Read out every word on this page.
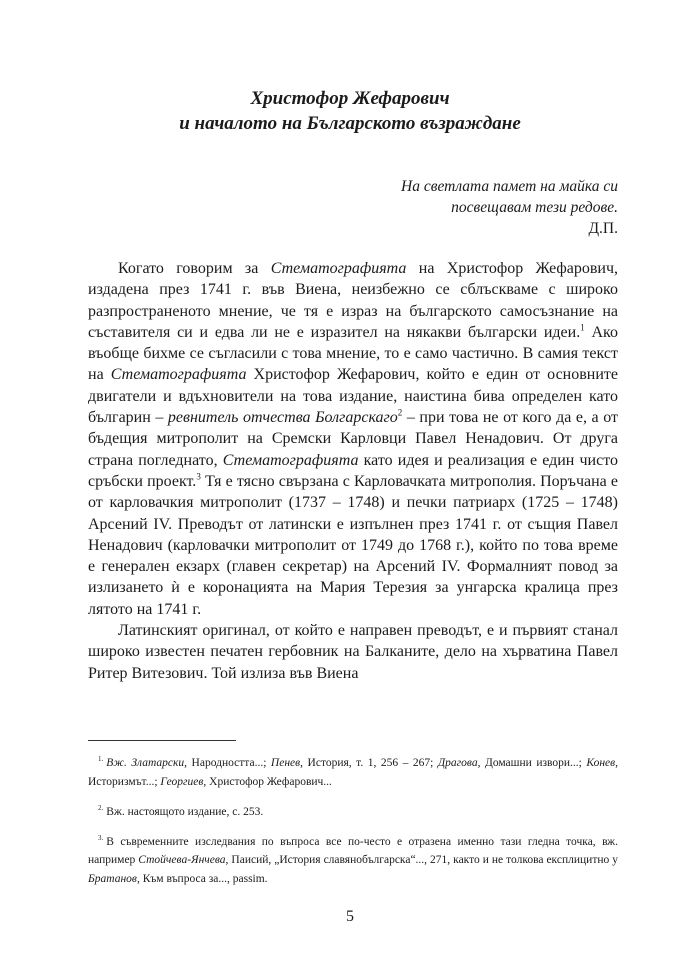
Христофор Жефарович
и началото на Българското възраждане
На светлата памет на майка си
посвещавам тези редове.
Д.П.

Когато говорим за Стематографията на Христофор Жефарович, издадена през 1741 г. във Виена, неизбежно се сблъскваме с широко разпространеното мнение, че тя е израз на българското самосъзнание на съставителя си и едва ли не е изразител на някакви български идеи.$^1$ Ако въобще бихме се съгласили с това мнение, то е само частично. В самия текст на Стематографията Христофор Жефарович, който е един от основните двигатели и вдъхновители на това издание, наистина бива определен като българин – ревнитель отчества Болгарскаго$^2$ – при това не от кого да е, а от бъдещия митрополит на Сремски Карловци Павел Ненадович. От друга страна погледнато, Стематографията като идея и реализация е един чисто сръбски проект.$^3$ Тя е тясно свързана с Карловачката митрополия. Поръчана е от карловачкия митрополит (1737 – 1748) и печки патриарх (1725 – 1748) Арсений IV. Преводът от латински е изпълнен през 1741 г. от същия Павел Ненадович (карловачки митрополит от 1749 до 1768 г.), който по това време е генерален екзарх (главен секретар) на Арсений IV. Формалният повод за излизането ѝ е коронацията на Мария Терезия за унгарска кралица през лятото на 1741 г.

Латинският оригинал, от който е направен преводът, е и първият станал широко известен печатен гербовник на Балканите, дело на хърватина Павел Ритер Витезович. Той излиза във Виена

$^{1.}$ Вж. Златарски, Народността...; Пенев, История, т. 1, 256 – 267; Драгова, Домашни извори...; Конев, Историзмът...; Георгиев, Христофор Жефарович...

$^{2.}$ Вж. настоящото издание, с. 253.

$^{3.}$ В съвременните изследвания по въпроса все по-често е отразена именно тази гледна точка, вж. например Стойчева-Янчева, Паисий, „История славянобългарска“..., 271, както и не толкова експлицитно у Братанов, Към въпроса за..., passim.

5
